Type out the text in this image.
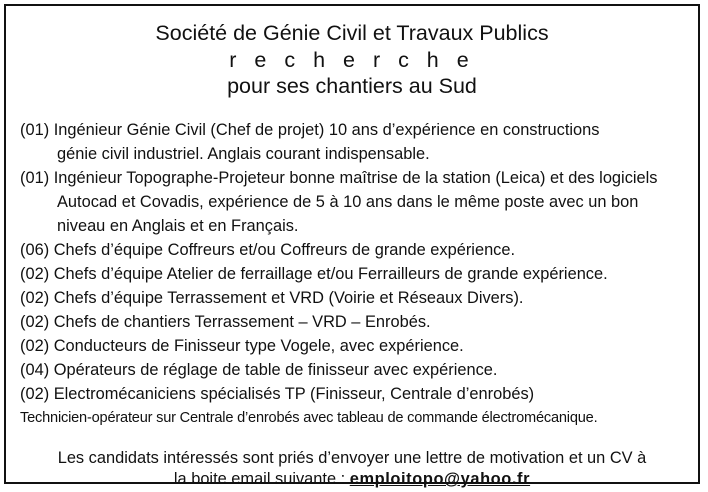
Société de Génie Civil et Travaux Publics
r e c h e r c h e
pour ses chantiers au Sud
(01) Ingénieur Génie Civil (Chef de projet) 10 ans d’expérience en constructions
génie civil industriel. Anglais courant indispensable.
(01) Ingénieur Topographe-Projeteur bonne maîtrise de la station (Leica) et des logiciels
Autocad et Covadis, expérience de 5 à 10 ans dans le même poste avec un bon
niveau en Anglais et en Français.
(06) Chefs d’équipe Coffreurs et/ou Coffreurs de grande expérience.
(02) Chefs d’équipe Atelier de ferraillage et/ou Ferrailleurs de grande expérience.
(02) Chefs d’équipe Terrassement et VRD (Voirie et Réseaux Divers).
(02) Chefs de chantiers Terrassement – VRD – Enrobés.
(02) Conducteurs de Finisseur type Vogele, avec expérience.
(04) Opérateurs de réglage de table de finisseur avec expérience.
(02) Electromécaniciens spécialisés TP (Finisseur, Centrale d’enrobés)
Technicien-opérateur sur Centrale d’enrobés avec tableau de commande électromécanique.
Les candidats intéressés sont priés d’envoyer une lettre de motivation et un CV à
la boite email suivante : emploitopo@yahoo.fr
